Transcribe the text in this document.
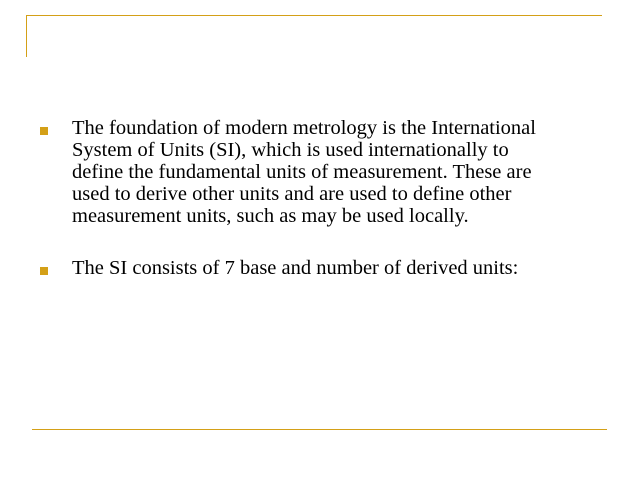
The foundation of modern metrology is the International
System of Units (SI), which is used internationally to
define the fundamental units of measurement. These are
used to derive other units and are used to define other
measurement units, such as may be used locally.
The SI consists of 7 base and number of derived units:
